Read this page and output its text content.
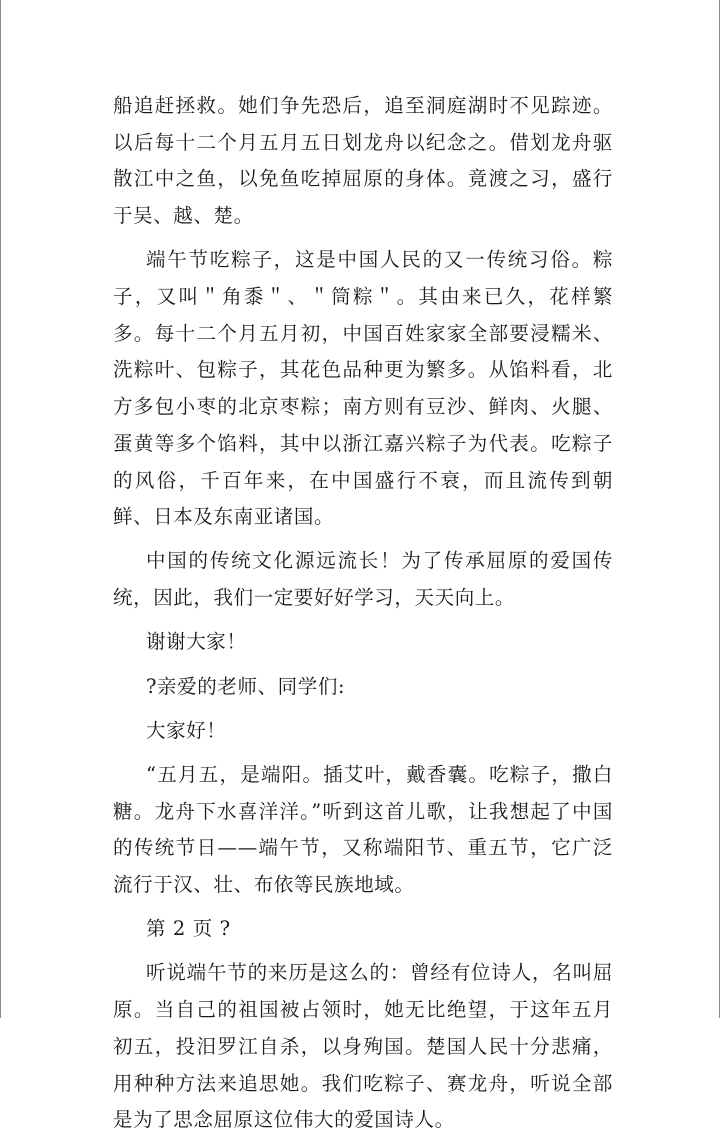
船追赶拯救。她们争先恐后，追至洞庭湖时不见踪迹。以后每十二个月五月五日划龙舟以纪念之。借划龙舟驱散江中之鱼，以免鱼吃掉屈原的身体。竟渡之习，盛行于吴、越、楚。

端午节吃粽子，这是中国人民的又一传统习俗。粽子，又叫＂角黍＂、＂筒粽＂。其由来已久，花样繁多。每十二个月五月初，中国百姓家家全部要浸糯米、洗粽叶、包粽子，其花色品种更为繁多。从馅料看，北方多包小枣的北京枣粽；南方则有豆沙、鲜肉、火腿、蛋黄等多个馅料，其中以浙江嘉兴粽子为代表。吃粽子的风俗，千百年来，在中国盛行不衰，而且流传到朝鲜、日本及东南亚诸国。

中国的传统文化源远流长！为了传承屈原的爱国传统，因此，我们一定要好好学习，天天向上。

谢谢大家！

?亲爱的老师、同学们:

大家好！

“五月五，是端阳。插艾叶，戴香囊。吃粽子，撒白糖。龙舟下水喜洋洋。”听到这首儿歌，让我想起了中国的传统节日——端午节，又称端阳节、重五节，它广泛流行于汉、壮、布依等民族地域。

第 2 页 ?

听说端午节的来历是这么的：曾经有位诗人，名叫屈原。当自己的祖国被占领时，她无比绝望，于这年五月初五，投汨罗江自杀，以身殉国。楚国人民十分悲痛，用种种方法来追思她。我们吃粽子、赛龙舟，听说全部是为了思念屈原这位伟大的爱国诗人。
